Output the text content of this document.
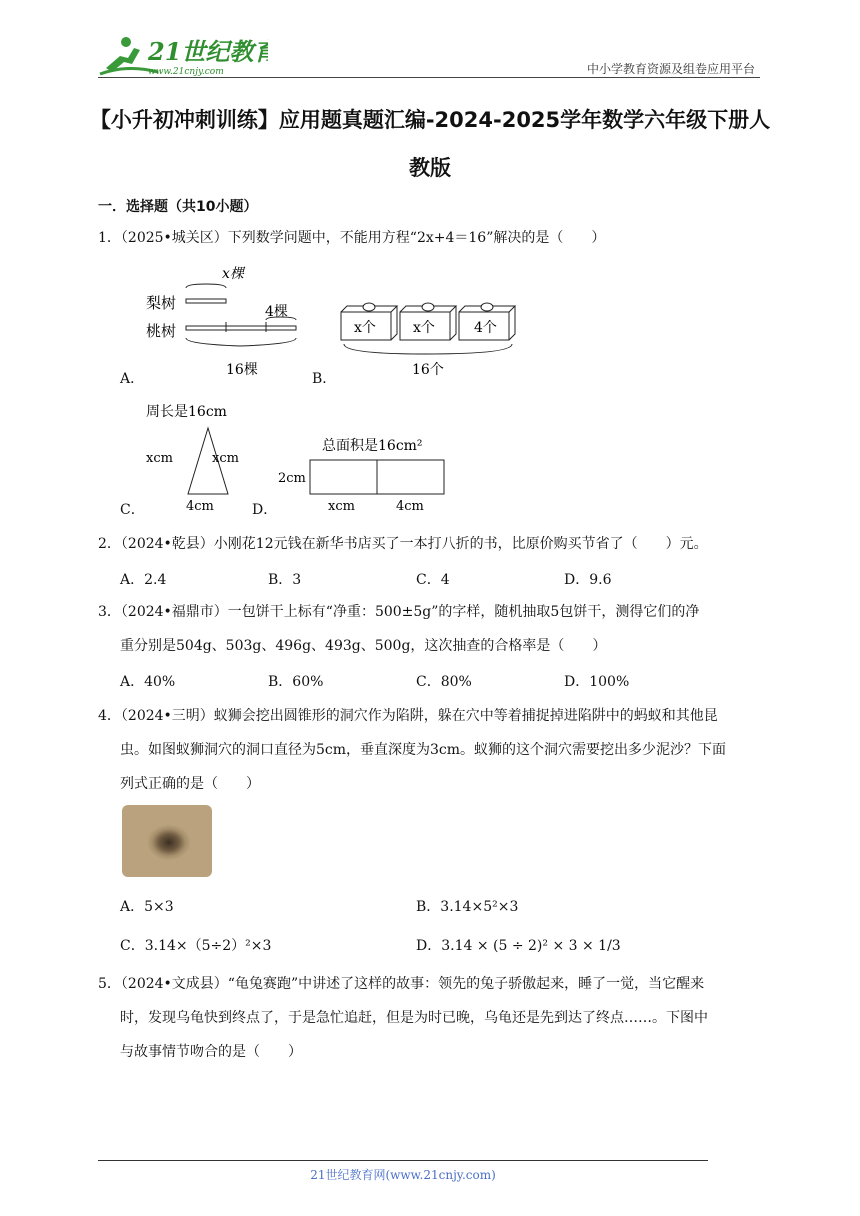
21世纪教育
www.21cnjy.com	中小学教育资源及组卷应用平台
【小升初冲刺训练】应用题真题汇编-2024-2025学年数学六年级下册人
教版
一．选择题（共10小题）
1．（2025•城关区）下列数学问题中，不能用方程“2x+4＝16”解决的是（　　）
x棵
梨树	4棵
桃树
16棵
A．
x个	x个	4个
16个
B．
周长是16cm
xcm	xcm
4cm
C．
总面积是16cm²
2cm
xcm	4cm
D．
2．（2024•乾县）小刚花12元钱在新华书店买了一本打八折的书，比原价购买节省了（　　）元。
A．2.4	B．3	C．4	D．9.6
3．（2024•福鼎市）一包饼干上标有“净重：500±5g”的字样，随机抽取5包饼干，测得它们的净
重分别是504g、503g、496g、493g、500g，这次抽查的合格率是（　　）
A．40%	B．60%	C．80%	D．100%
4．（2024•三明）蚁狮会挖出圆锥形的洞穴作为陷阱，躲在穴中等着捕捉掉进陷阱中的蚂蚁和其他昆
虫。如图蚁狮洞穴的洞口直径为5cm，垂直深度为3cm。蚁狮的这个洞穴需要挖出多少泥沙？下面
列式正确的是（　　）
A．5×3	B．3.14×5²×3
C．3.14×（5÷2）²×3	D．3.14 × (5 ÷ 2)² × 3 × 1/3
5．（2024•文成县）“龟兔赛跑”中讲述了这样的故事：领先的兔子骄傲起来，睡了一觉，当它醒来
时，发现乌龟快到终点了，于是急忙追赶，但是为时已晚，乌龟还是先到达了终点……。下图中
与故事情节吻合的是（　　）
21世纪教育网(www.21cnjy.com)
